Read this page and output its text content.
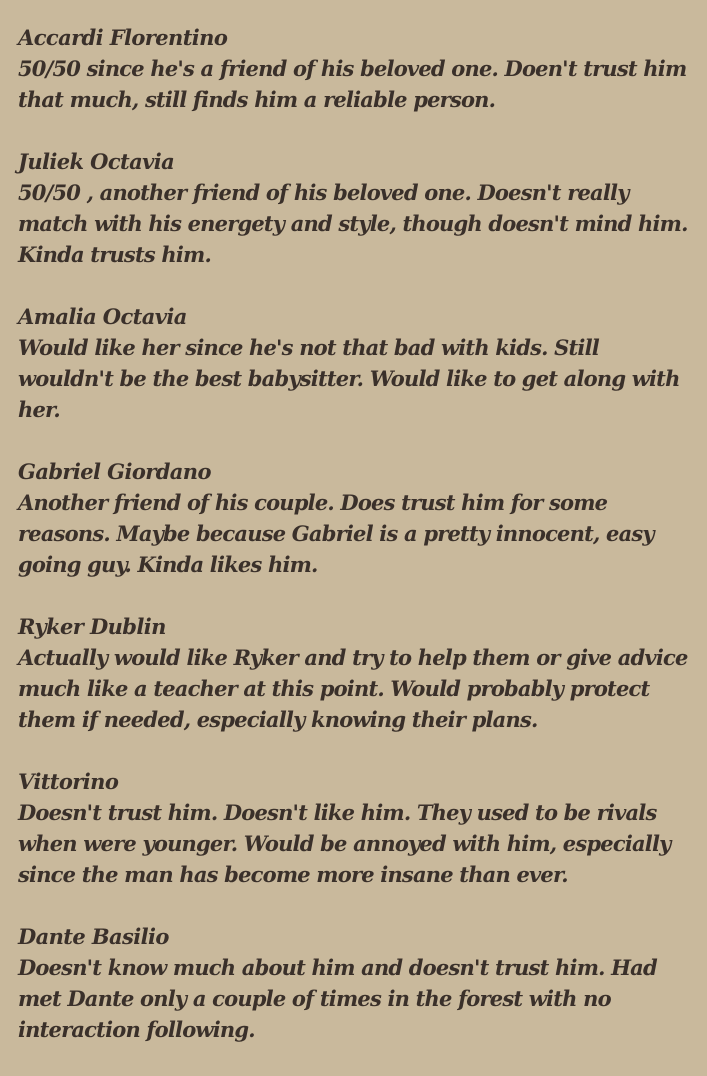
Accardi Florentino
50/50 since he's a friend of his beloved one. Doen't trust him that much, still finds him a reliable person.
Juliek Octavia
50/50 , another friend of his beloved one. Doesn't really match with his energety and style, though doesn't mind him. Kinda trusts him.
Amalia Octavia
Would like her since he's not that bad with kids. Still wouldn't be the best babysitter. Would like to get along with her.
Gabriel Giordano
Another friend of his couple. Does trust him for some reasons. Maybe because Gabriel is a pretty innocent, easy going guy. Kinda likes him.
Ryker Dublin
Actually would like Ryker and try to help them or give advice much like a teacher at this point. Would probably protect them if needed, especially knowing their plans.
Vittorino
Doesn't trust him. Doesn't like him. They used to be rivals when were younger. Would be annoyed with him, especially since the man has become more insane than ever.
Dante Basilio
Doesn't know much about him and doesn't trust him. Had met Dante only a couple of times in the forest with no interaction following.
